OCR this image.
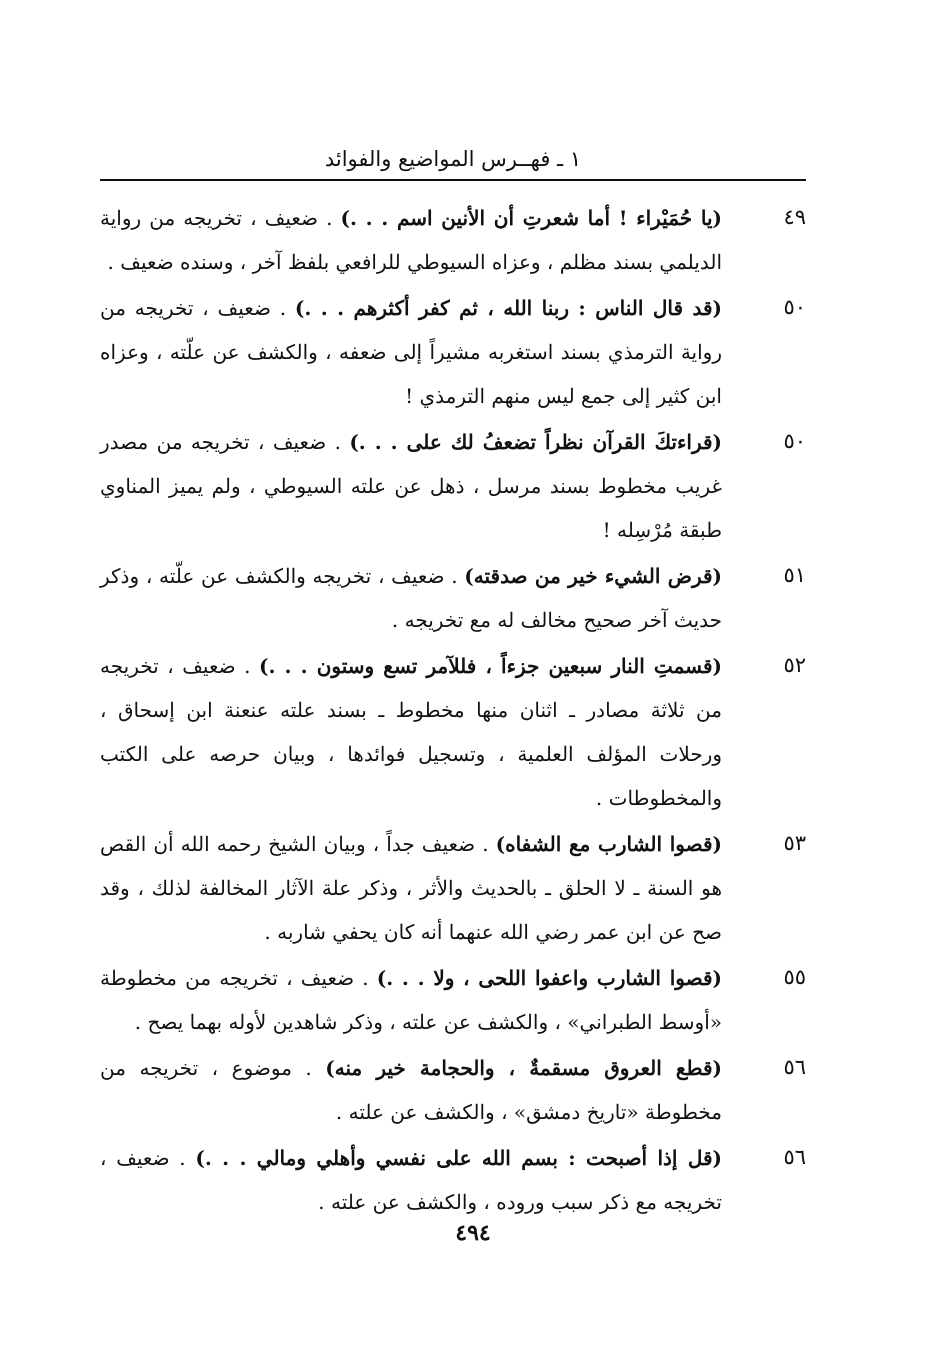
١ ـ فهــرس المواضيع والفوائد
٤٩
(يا حُمَيْراء ! أما شعرتِ أن الأنين اسم . . .) . ضعيف ، تخريجه من رواية الديلمي بسند مظلم ، وعزاه السيوطي للرافعي بلفظ آخر ، وسنده ضعيف .
٥٠
(قد قال الناس : ربنا الله ، ثم كفر أكثرهم . . .) . ضعيف ، تخريجه من رواية الترمذي بسند استغربه مشيراً إلى ضعفه ، والكشف عن علّته ، وعزاه ابن كثير إلى جمع ليس منهم الترمذي !
٥٠
(قراءتكَ القرآن نظراً تضعفُ لك على . . .) . ضعيف ، تخريجه من مصدر غريب مخطوط بسند مرسل ، ذهل عن علته السيوطي ، ولم يميز المناوي طبقة مُرْسِله !
٥١
(قرض الشيء خير من صدقته) . ضعيف ، تخريجه والكشف عن علّته ، وذكر حديث آخر صحيح مخالف له مع تخريجه .
٥٢
(قسمتِ النار سبعين جزءاً ، فللآمر تسع وستون . . .) . ضعيف ، تخريجه من ثلاثة مصادر ـ اثنان منها مخطوط ـ بسند علته عنعنة ابن إسحاق ، ورحلات المؤلف العلمية ، وتسجيل فوائدها ، وبيان حرصه على الكتب والمخطوطات .
٥٣
(قصوا الشارب مع الشفاه) . ضعيف جداً ، وبيان الشيخ رحمه الله أن القص هو السنة ـ لا الحلق ـ بالحديث والأثر ، وذكر علة الآثار المخالفة لذلك ، وقد صح عن ابن عمر رضي الله عنهما أنه كان يحفي شاربه .
٥٥
(قصوا الشارب واعفوا اللحى ، ولا . . .) . ضعيف ، تخريجه من مخطوطة «أوسط الطبراني» ، والكشف عن علته ، وذكر شاهدين لأوله بهما يصح .
٥٦
(قطع العروق مسقمةٌ ، والحجامة خير منه) . موضوع ، تخريجه من مخطوطة «تاريخ دمشق» ، والكشف عن علته .
٥٦
(قل إذا أصبحت : بسم الله على نفسي وأهلي ومالي . . .) . ضعيف ، تخريجه مع ذكر سبب وروده ، والكشف عن علته .
٤٩٤
